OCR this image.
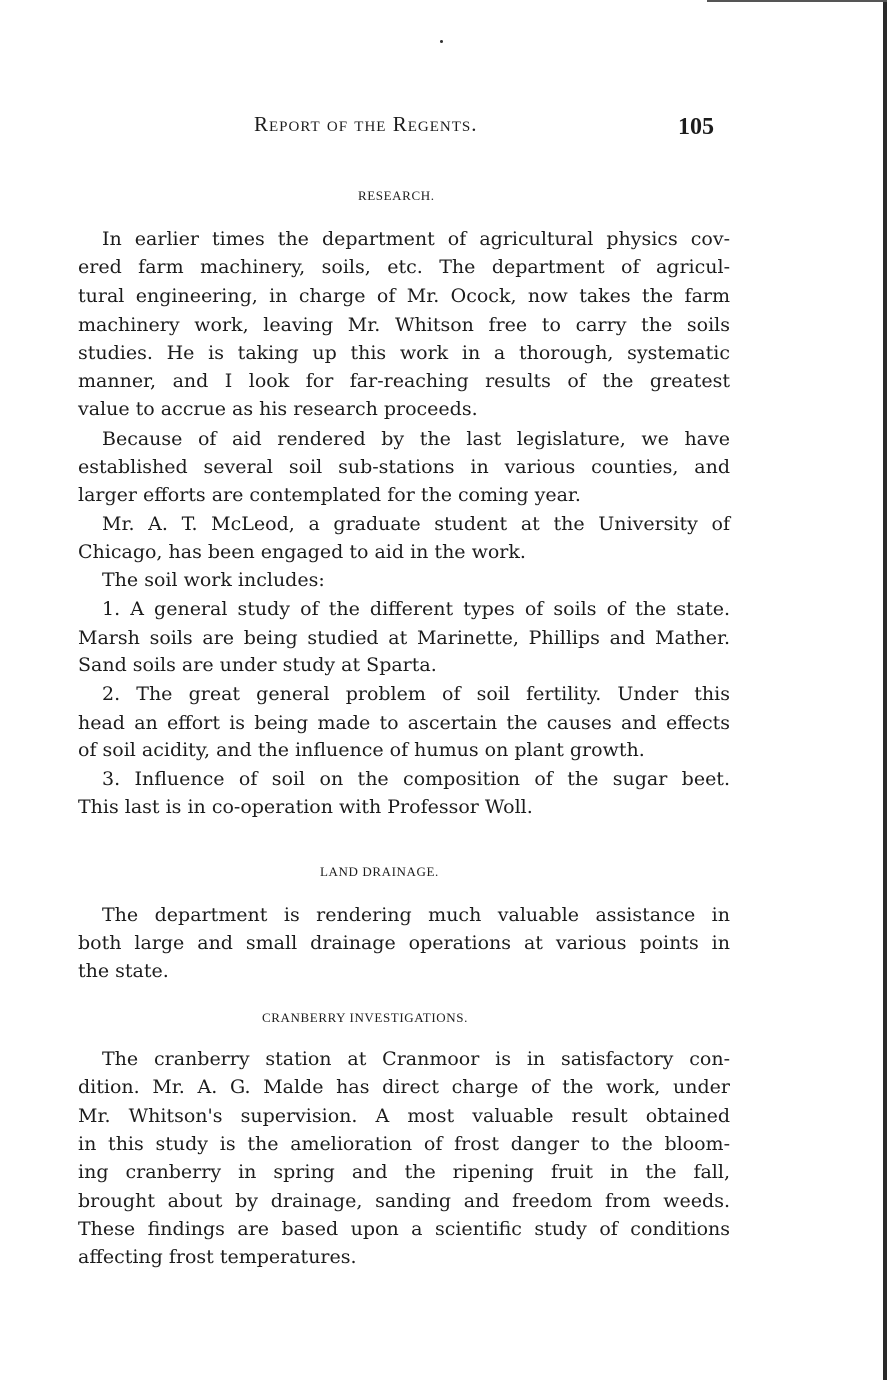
Report of the Regents.	105
RESEARCH.
In earlier times the department of agricultural physics cov-
ered farm machinery, soils, etc. The department of agricul-
tural engineering, in charge of Mr. Ocock, now takes the farm
machinery work, leaving Mr. Whitson free to carry the soils
studies. He is taking up this work in a thorough, systematic
manner, and I look for far-reaching results of the greatest
value to accrue as his research proceeds.
Because of aid rendered by the last legislature, we have
established several soil sub-stations in various counties, and
larger efforts are contemplated for the coming year.
Mr. A. T. McLeod, a graduate student at the University of
Chicago, has been engaged to aid in the work.
The soil work includes:
1. A general study of the different types of soils of the state.
Marsh soils are being studied at Marinette, Phillips and Mather.
Sand soils are under study at Sparta.
2. The great general problem of soil fertility. Under this
head an effort is being made to ascertain the causes and effects
of soil acidity, and the influence of humus on plant growth.
3. Influence of soil on the composition of the sugar beet.
This last is in co-operation with Professor Woll.
LAND DRAINAGE.
The department is rendering much valuable assistance in
both large and small drainage operations at various points in
the state.
CRANBERRY INVESTIGATIONS.
The cranberry station at Cranmoor is in satisfactory con-
dition. Mr. A. G. Malde has direct charge of the work, under
Mr. Whitson's supervision. A most valuable result obtained
in this study is the amelioration of frost danger to the bloom-
ing cranberry in spring and the ripening fruit in the fall,
brought about by drainage, sanding and freedom from weeds.
These findings are based upon a scientific study of conditions
affecting frost temperatures.
